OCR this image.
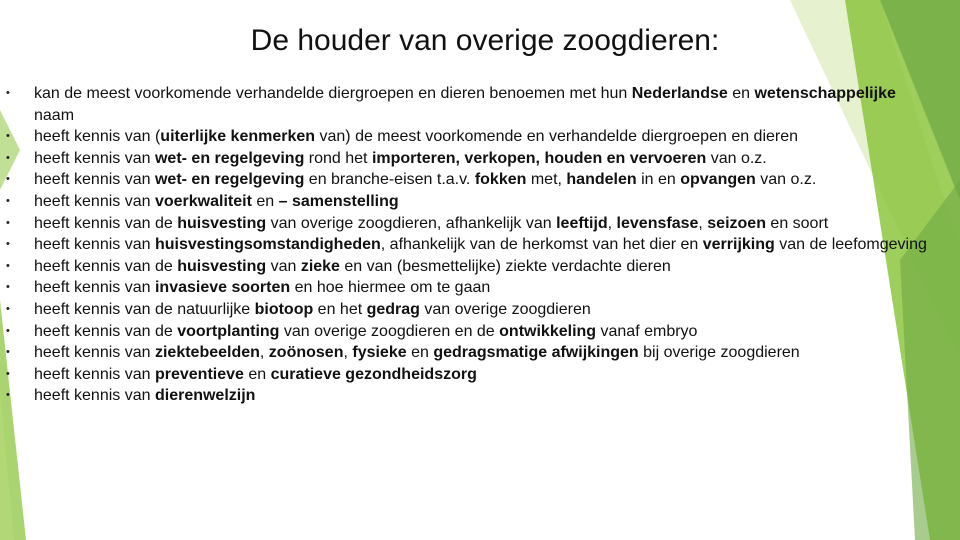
De houder van overige zoogdieren:
• kan de meest voorkomende verhandelde diergroepen en dieren benoemen met hun Nederlandse en wetenschappelijke naam
• heeft kennis van (uiterlijke kenmerken van) de meest voorkomende en verhandelde diergroepen en dieren
• heeft kennis van wet- en regelgeving rond het importeren, verkopen, houden en vervoeren van o.z.
• heeft kennis van wet- en regelgeving en branche-eisen t.a.v. fokken met, handelen in en opvangen van o.z.
• heeft kennis van voerkwaliteit en – samenstelling
• heeft kennis van de huisvesting van overige zoogdieren, afhankelijk van leeftijd, levensfase, seizoen en soort
• heeft kennis van huisvestingsomstandigheden, afhankelijk van de herkomst van het dier en verrijking van de leefomgeving
• heeft kennis van de huisvesting van zieke en van (besmettelijke) ziekte verdachte dieren
• heeft kennis van invasieve soorten en hoe hiermee om te gaan
• heeft kennis van de natuurlijke biotoop en het gedrag van overige zoogdieren
• heeft kennis van de voortplanting van overige zoogdieren en de ontwikkeling vanaf embryo
• heeft kennis van ziektebeelden, zoönosen, fysieke en gedragsmatige afwijkingen bij overige zoogdieren
• heeft kennis van preventieve en curatieve gezondheidszorg
• heeft kennis van dierenwelzijn
